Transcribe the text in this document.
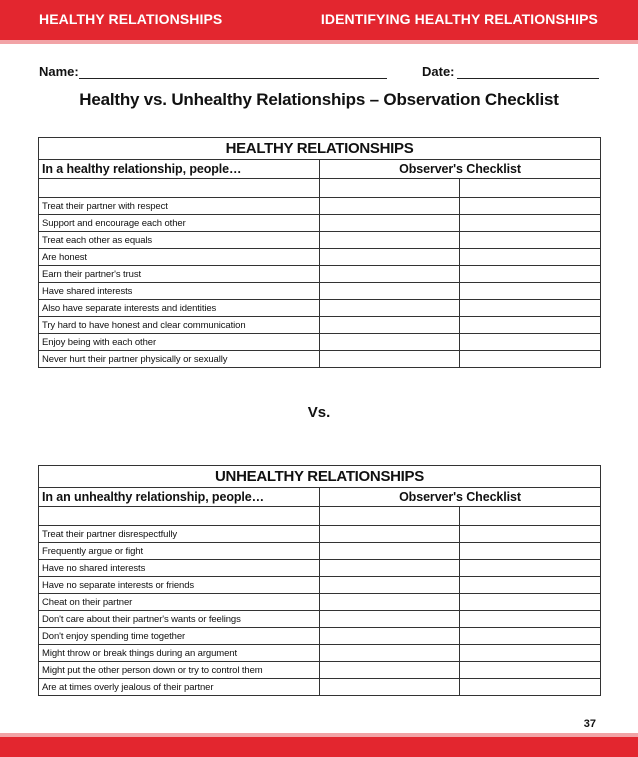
HEALTHY RELATIONSHIPS	IDENTIFYING HEALTHY RELATIONSHIPS
Name:	Date:
Healthy vs. Unhealthy Relationships – Observation Checklist
HEALTHY RELATIONSHIPS		
In a healthy relationship, people…	Observer's Checklist	

Treat their partner with respect		
Support and encourage each other		
Treat each other as equals		
Are honest		
Earn their partner's trust		
Have shared interests		
Also have separate interests and identities		
Try hard to have honest and clear communication		
Enjoy being with each other		
Never hurt their partner physically or sexually		
Vs.
UNHEALTHY RELATIONSHIPS		
In an unhealthy relationship, people…	Observer's Checklist	

Treat their partner disrespectfully		
Frequently argue or fight		
Have no shared interests		
Have no separate interests or friends		
Cheat on their partner		
Don't care about their partner's wants or feelings		
Don't enjoy spending time together		
Might throw or break things during an argument		
Might put the other person down or try to control them		
Are at times overly jealous of their partner		
37
